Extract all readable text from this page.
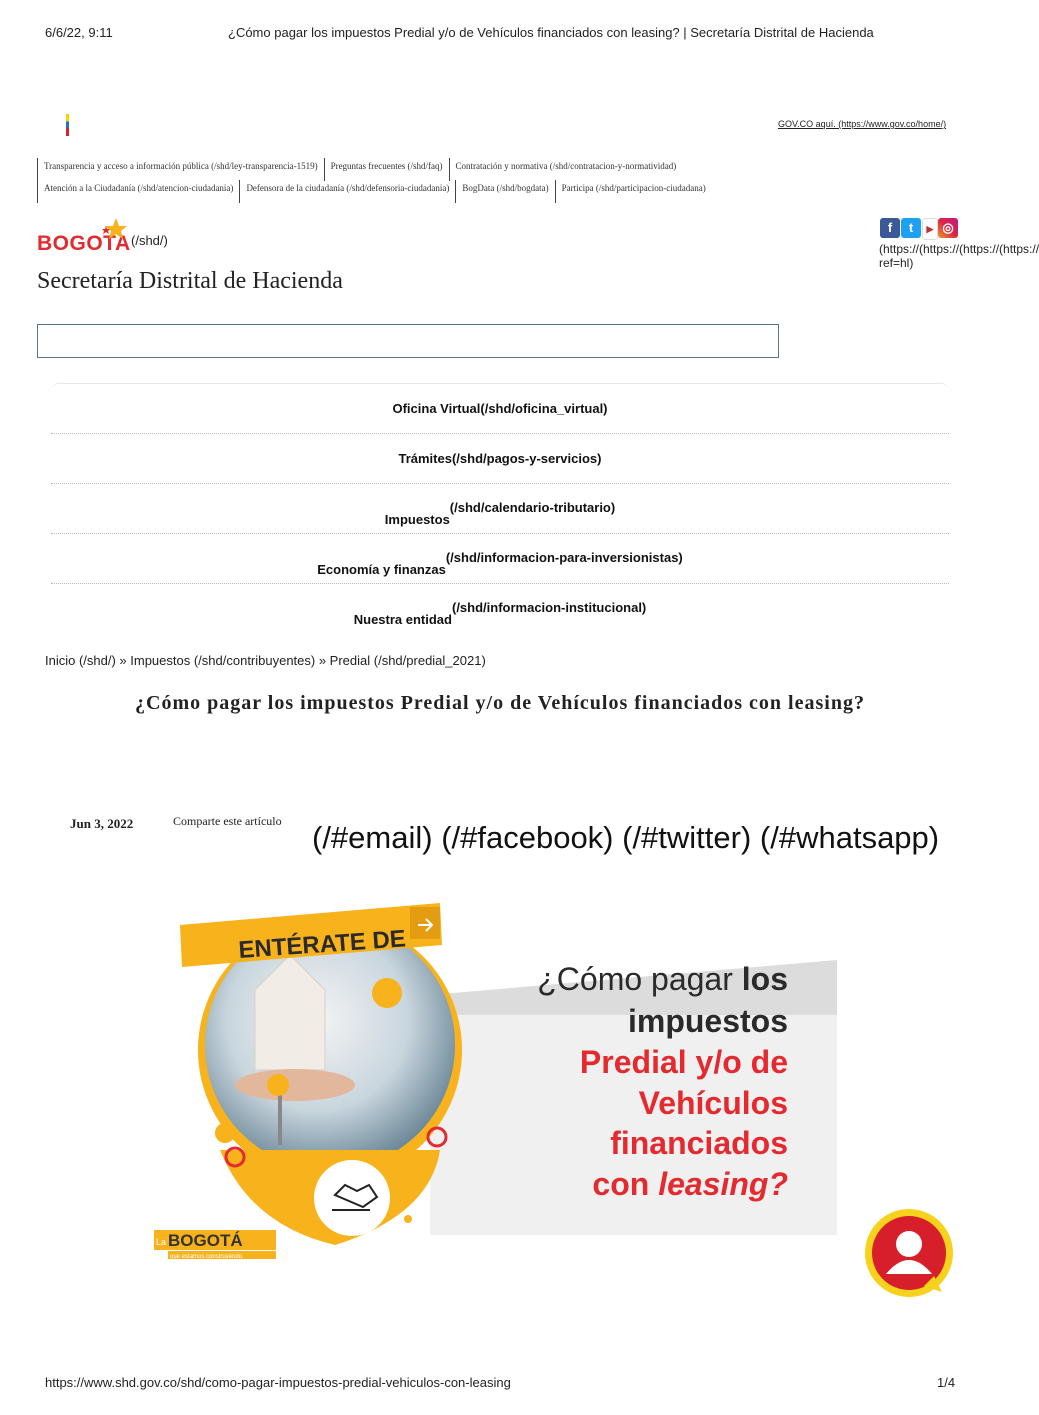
6/6/22, 9:11	¿Cómo pagar los impuestos Predial y/o de Vehículos financiados con leasing? | Secretaría Distrital de Hacienda
GOV.CO aquí. (https://www.gov.co/home/)
Transparencia y acceso a información pública (/shd/ley-transparencia-1519)	Preguntas frecuentes (/shd/faq)	Contratación y normativa (/shd/contratacion-y-normatividad)
Atención a la Ciudadanía (/shd/atencion-ciudadania)	Defensora de la ciudadanía (/shd/defensoria-ciudadania)	BogData (/shd/bogdata)	Participa (/shd/participacion-ciudadana)
BOGOTA (/shd/)
Secretaría Distrital de Hacienda
f	t	▶ ◎
(https://(https://(https://(https://
ref=hl)
Oficina Virtual(/shd/oficina_virtual)
Trámites(/shd/pagos-y-servicios)
Impuestos(/shd/calendario-tributario)
Economía y finanzas(/shd/informacion-para-inversionistas)
Nuestra entidad(/shd/informacion-institucional)
Inicio (/shd/) » Impuestos (/shd/contribuyentes) » Predial (/shd/predial_2021)
¿Cómo pagar los impuestos Predial y/o de Vehículos financiados con leasing?
Jun 3, 2022	Comparte este artículo (/#email) (/#facebook) (/#twitter) (/#whatsapp)
ENTÉRATE DE
¿Cómo pagar los
impuestos
Predial y/o de
Vehículos
financiados
con leasing?
La BOGOTÁ
que estamos construyendo
https://www.shd.gov.co/shd/como-pagar-impuestos-predial-vehiculos-con-leasing	1/4
